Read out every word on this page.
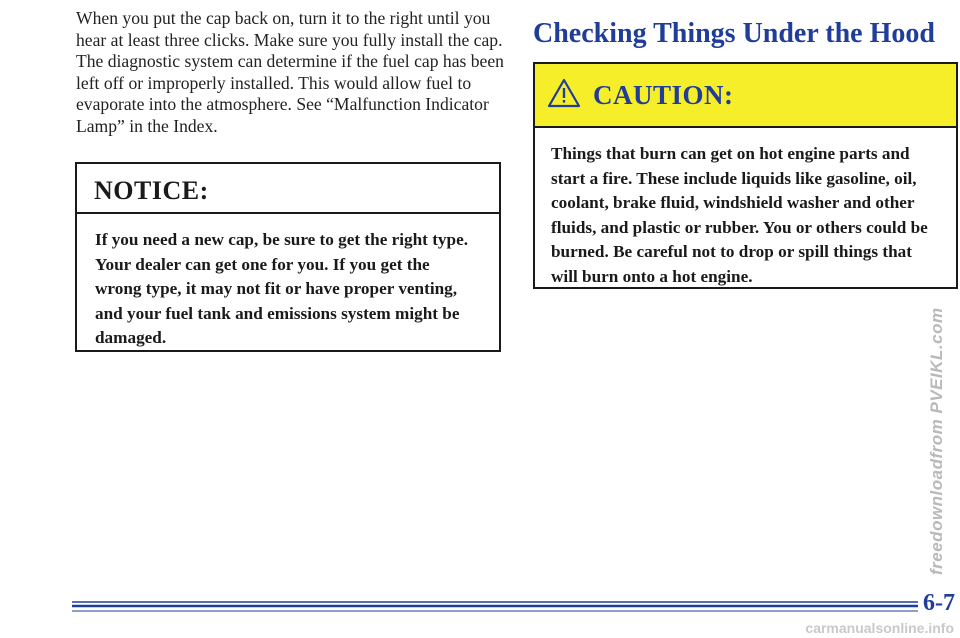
When you put the cap back on, turn it to the right until you hear at least three clicks. Make sure you fully install the cap. The diagnostic system can determine if the fuel cap has been left off or improperly installed. This would allow fuel to evaporate into the atmosphere. See “Malfunction Indicator Lamp” in the Index.
NOTICE:
If you need a new cap, be sure to get the right type. Your dealer can get one for you. If you get the wrong type, it may not fit or have proper venting, and your fuel tank and emissions system might be damaged.
Checking Things Under the Hood
CAUTION:
Things that burn can get on hot engine parts and start a fire. These include liquids like gasoline, oil, coolant, brake fluid, windshield washer and other fluids, and plastic or rubber. You or others could be burned. Be careful not to drop or spill things that will burn onto a hot engine.
freedownloadfrom PVEIKL.com
6-7
carmanualsonline.info
